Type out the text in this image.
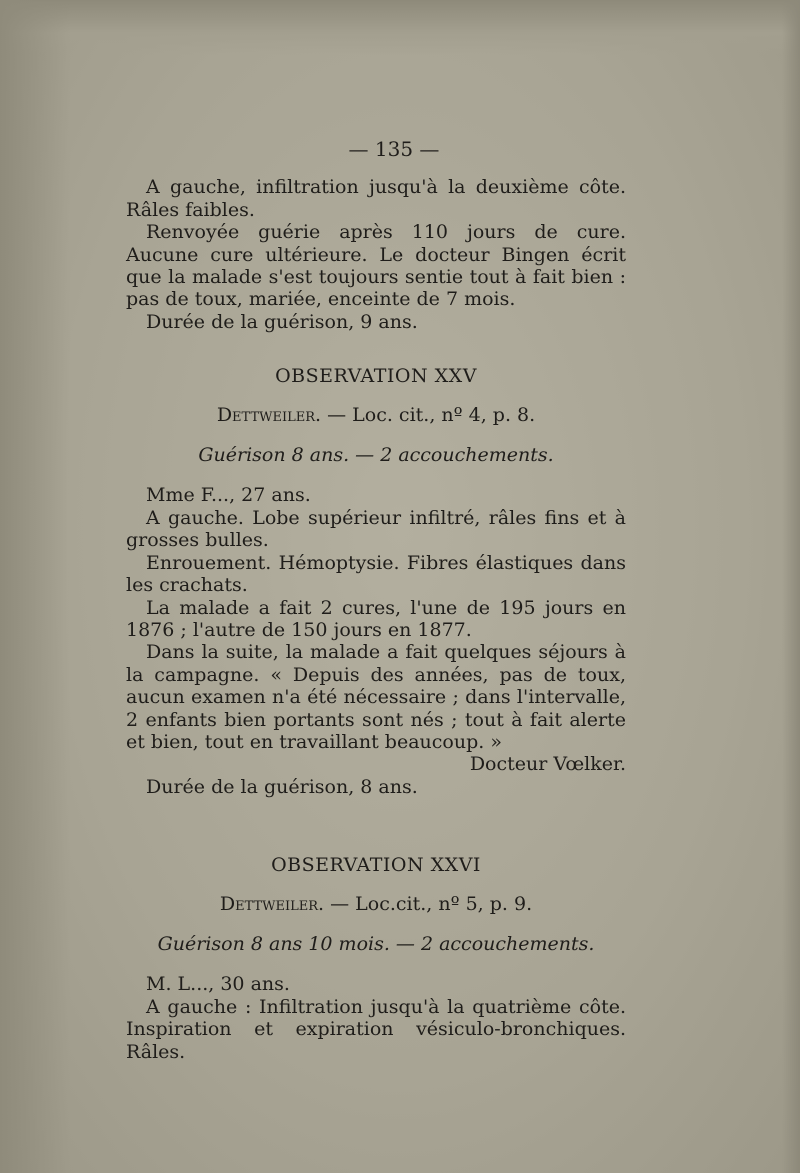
— 135 —

A gauche, infiltration jusqu'à la deuxième côte. Râles faibles.

Renvoyée guérie après 110 jours de cure. Aucune cure ultérieure. Le docteur Bingen écrit que la malade s'est toujours sentie tout à fait bien : pas de toux, mariée, enceinte de 7 mois.

Durée de la guérison, 9 ans.

OBSERVATION XXV
Dettweiler. — Loc. cit., nº 4, p. 8.
Guérison 8 ans. — 2 accouchements.

Mme F..., 27 ans.

A gauche. Lobe supérieur infiltré, râles fins et à grosses bulles.

Enrouement. Hémoptysie. Fibres élastiques dans les crachats.

La malade a fait 2 cures, l'une de 195 jours en 1876 ; l'autre de 150 jours en 1877.

Dans la suite, la malade a fait quelques séjours à la campagne. « Depuis des années, pas de toux, aucun examen n'a été nécessaire ; dans l'intervalle, 2 enfants bien portants sont nés ; tout à fait alerte et bien, tout en travaillant beaucoup. »

Docteur Vœlker.

Durée de la guérison, 8 ans.

OBSERVATION XXVI
Dettweiler. — Loc.cit., nº 5, p. 9.
Guérison 8 ans 10 mois. — 2 accouchements.

M. L..., 30 ans.

A gauche : Infiltration jusqu'à la quatrième côte. Inspiration et expiration vésiculo-bronchiques. Râles.
